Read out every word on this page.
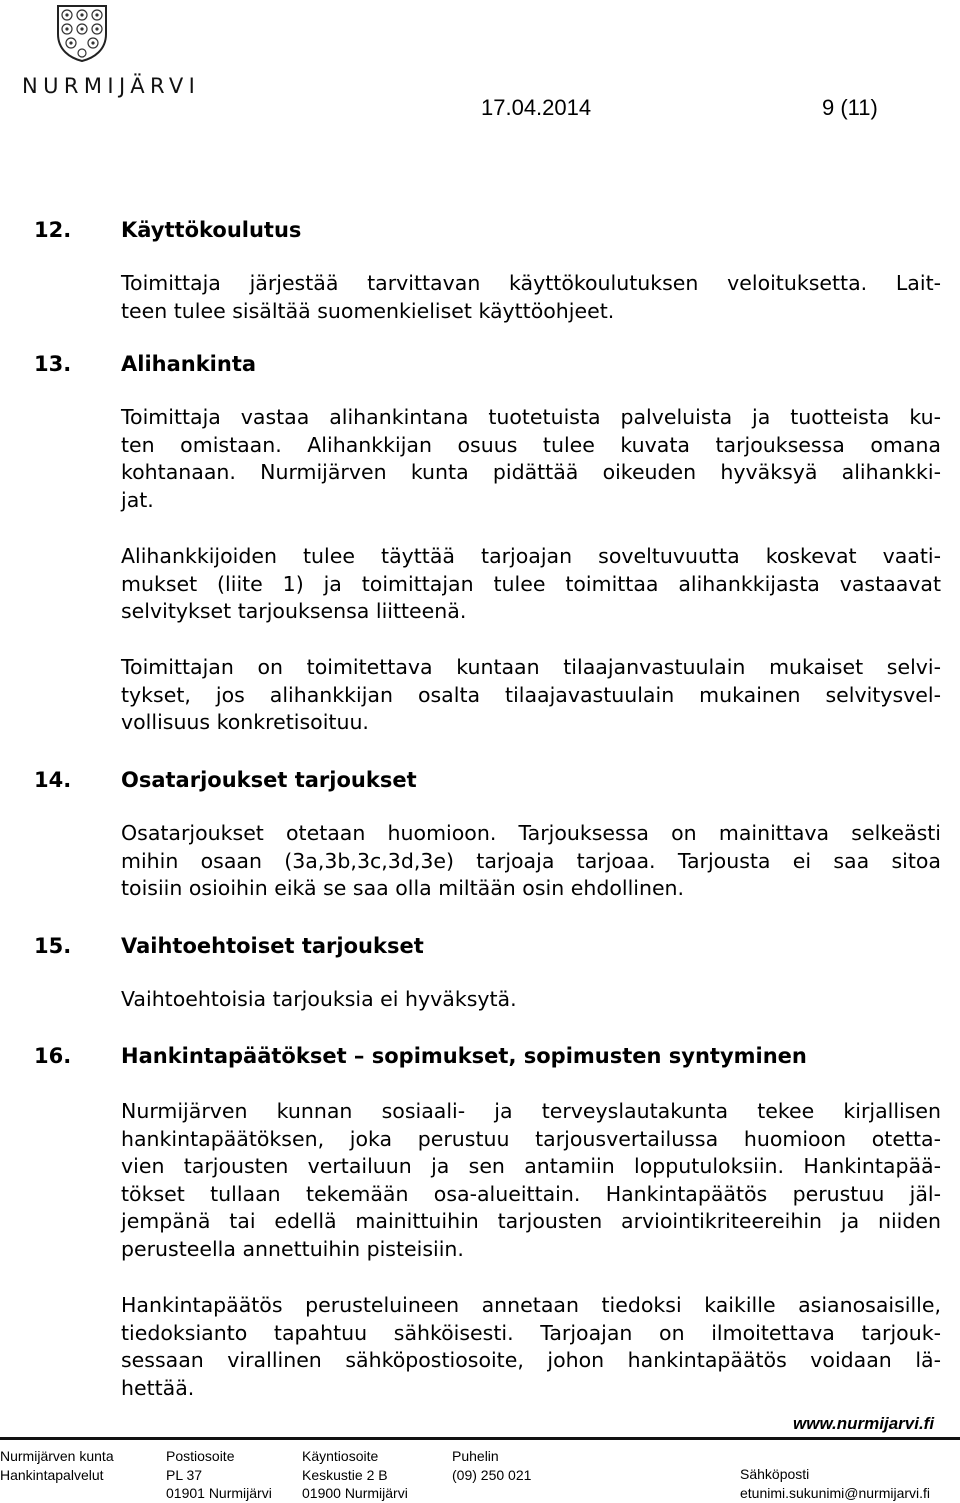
NURMIJÄRVI
17.04.2014	9 (11)
12. Käyttökoulutus
Toimittaja järjestää tarvittavan käyttökoulutuksen veloituksetta. Lait-
teen tulee sisältää suomenkieliset käyttöohjeet.
13. Alihankinta
Toimittaja vastaa alihankintana tuotetuista palveluista ja tuotteista ku-
ten omistaan. Alihankkijan osuus tulee kuvata tarjouksessa omana
kohtanaan. Nurmijärven kunta pidättää oikeuden hyväksyä alihankki-
jat.
Alihankkijoiden tulee täyttää tarjoajan soveltuvuutta koskevat vaati-
mukset (liite 1) ja toimittajan tulee toimittaa alihankkijasta vastaavat
selvitykset tarjouksensa liitteenä.
Toimittajan on toimitettava kuntaan tilaajanvastuulain mukaiset selvi-
tykset, jos alihankkijan osalta tilaajavastuulain mukainen selvitysvel-
vollisuus konkretisoituu.
14. Osatarjoukset tarjoukset
Osatarjoukset otetaan huomioon. Tarjouksessa on mainittava selkeästi
mihin osaan (3a,3b,3c,3d,3e) tarjoaja tarjoaa. Tarjousta ei saa sitoa
toisiin osioihin eikä se saa olla miltään osin ehdollinen.
15. Vaihtoehtoiset tarjoukset
Vaihtoehtoisia tarjouksia ei hyväksytä.
16. Hankintapäätökset – sopimukset, sopimusten syntyminen
Nurmijärven kunnan sosiaali- ja terveyslautakunta tekee kirjallisen
hankintapäätöksen, joka perustuu tarjousvertailussa huomioon otetta-
vien tarjousten vertailuun ja sen antamiin lopputuloksiin. Hankintapää-
tökset tullaan tekemään osa-alueittain. Hankintapäätös perustuu jäl-
jempänä tai edellä mainittuihin tarjousten arviointikriteereihin ja niiden
perusteella annettuihin pisteisiin.
Hankintapäätös perusteluineen annetaan tiedoksi kaikille asianosaisille,
tiedoksianto tapahtuu sähköisesti. Tarjoajan on ilmoitettava tarjouk-
sessaan virallinen sähköpostiosoite, johon hankintapäätös voidaan lä-
hettää.
www.nurmijarvi.fi
Nurmijärven kunta
Hankintapalvelut
Postiosoite
PL 37
01901 Nurmijärvi
Käyntiosoite
Keskustie 2 B
01900 Nurmijärvi
Puhelin
(09) 250 021	Sähköposti
etunimi.sukunimi@nurmijarvi.fi
